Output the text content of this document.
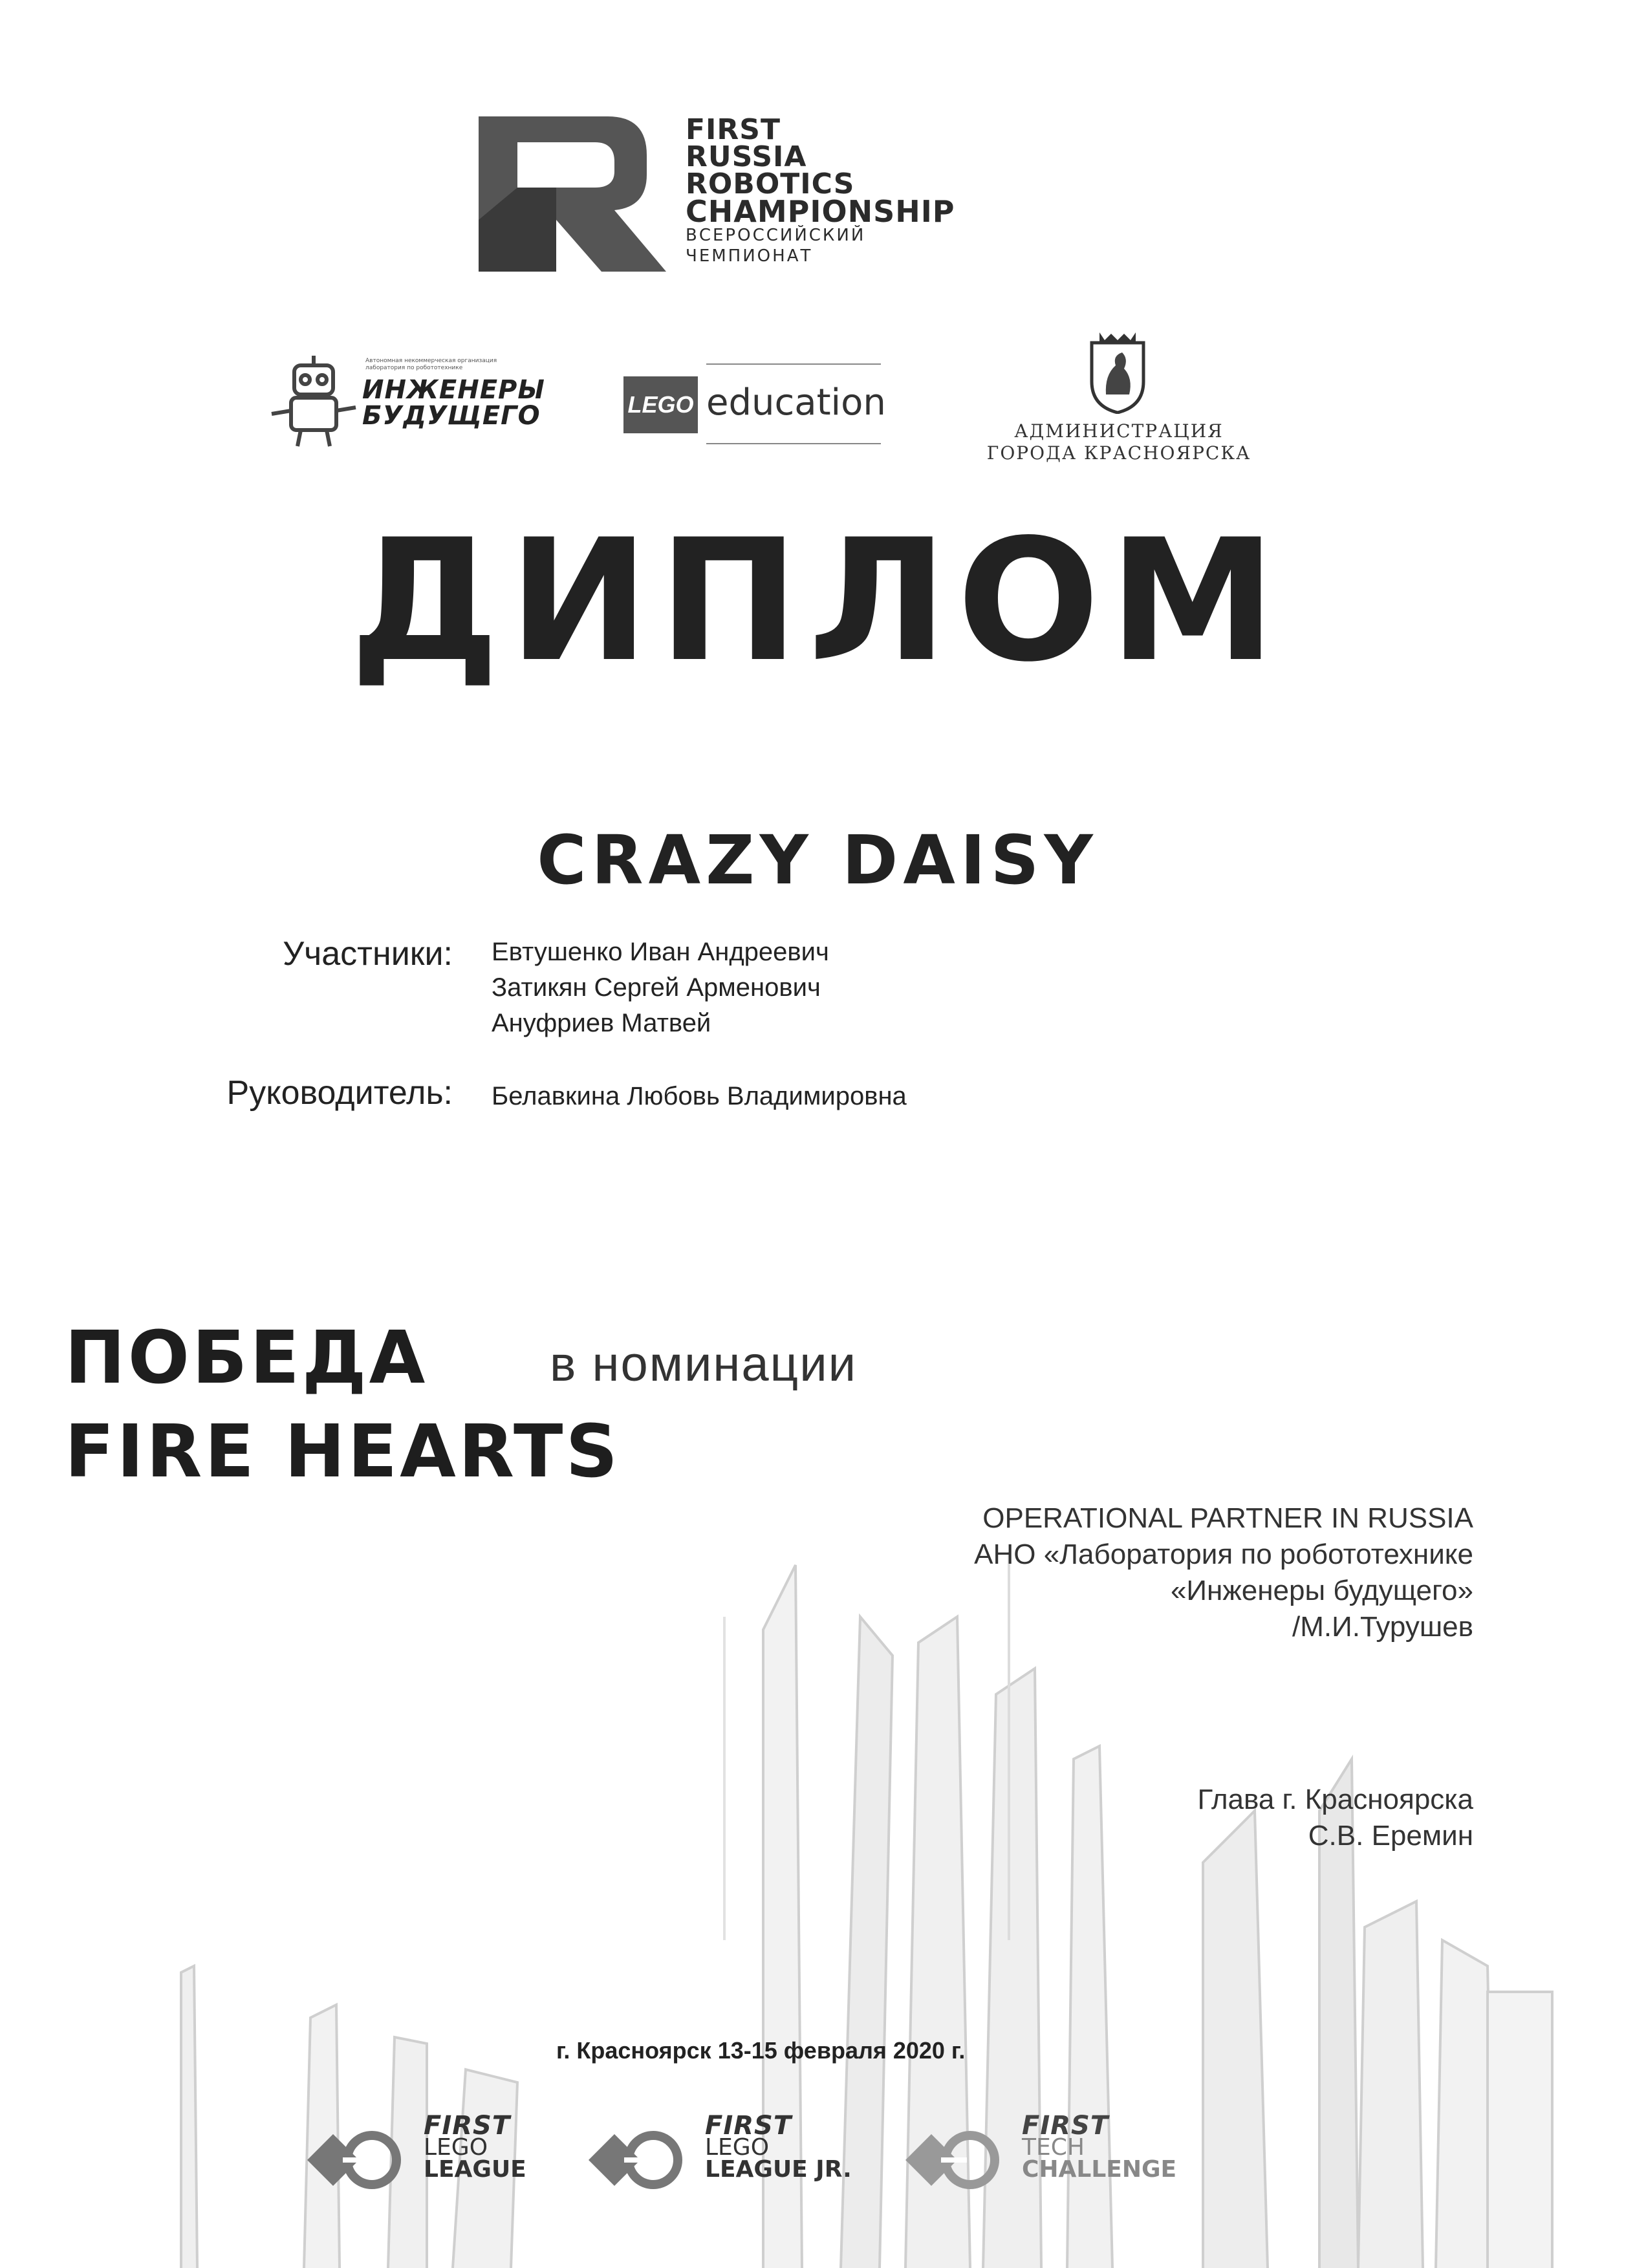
FIRST
RUSSIA
ROBOTICS
CHAMPIONSHIP
ВСЕРОССИЙСКИЙ
ЧЕМПИОНАТ
Автономная некоммерческая организация лаборатория по робототехнике
ИНЖЕНЕРЫ
БУДУЩЕГО	LEGO education
АДМИНИСТРАЦИЯ
ГОРОДА КРАСНОЯРСКА
ДИПЛОМ
CRAZY DAISY
Участники: Евтушенко Иван Андреевич
Затикян Сергей Арменович
Ануфриев Матвей
Руководитель: Белавкина Любовь Владимировна
ПОБЕДА в номинации
FIRE HEARTS
OPERATIONAL PARTNER IN RUSSIA
АНО «Лаборатория по робототехнике
«Инженеры будущего»
/М.И.Турушев
Глава г. Красноярска
С.В. Еремин
г. Красноярск 13-15 февраля 2020 г.
FIRST
LEGO
LEAGUE
FIRST
LEGO
LEAGUE JR.
FIRST
TECH
CHALLENGE
